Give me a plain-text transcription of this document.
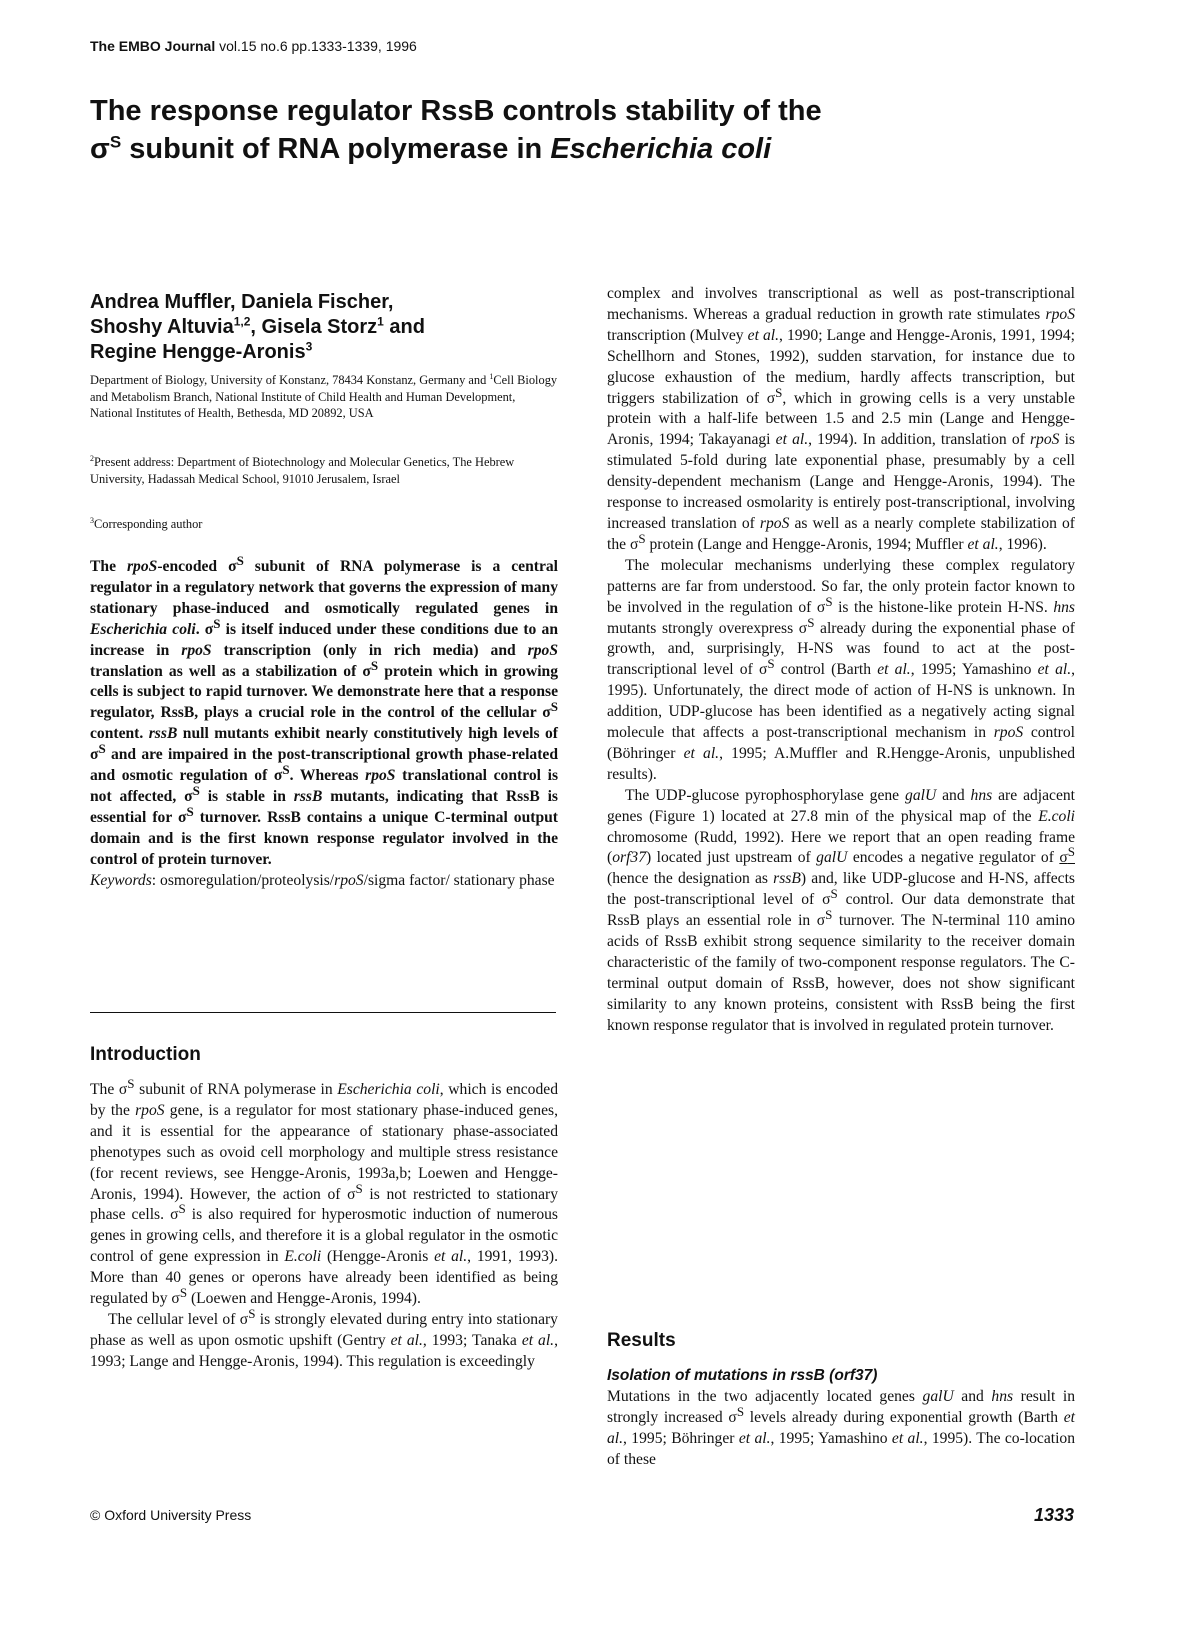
The EMBO Journal vol.15 no.6 pp.1333-1339, 1996
The response regulator RssB controls stability of the
$\sigma^S$ subunit of RNA polymerase in Escherichia coli

Andrea Muffler, Daniela Fischer,
Shoshy Altuvia$^{1,2}$, Gisela Storz$^1$ and
Regine Hengge-Aronis$^3$

Department of Biology, University of Konstanz, 78434 Konstanz, Germany and $^1$Cell Biology and Metabolism Branch, National Institute of Child Health and Human Development, National Institutes of Health, Bethesda, MD 20892, USA

$^2$Present address: Department of Biotechnology and Molecular Genetics, The Hebrew University, Hadassah Medical School, 91010 Jerusalem, Israel

$^3$Corresponding author

The rpoS-encoded $\sigma^S$ subunit of RNA polymerase is a central regulator in a regulatory network that governs the expression of many stationary phase-induced and osmotically regulated genes in Escherichia coli. $\sigma^S$ is itself induced under these conditions due to an increase in rpoS transcription (only in rich media) and rpoS translation as well as a stabilization of $\sigma^S$ protein which in growing cells is subject to rapid turnover. We demonstrate here that a response regulator, RssB, plays a crucial role in the control of the cellular $\sigma^S$ content. rssB null mutants exhibit nearly constitutively high levels of $\sigma^S$ and are impaired in the post-transcriptional growth phase-related and osmotic regulation of $\sigma^S$. Whereas rpoS translational control is not affected, $\sigma^S$ is stable in rssB mutants, indicating that RssB is essential for $\sigma^S$ turnover. RssB contains a unique C-terminal output domain and is the first known response regulator involved in the control of protein turnover.

Keywords: osmoregulation/proteolysis/rpoS/sigma factor/ stationary phase

Introduction

The $\sigma^S$ subunit of RNA polymerase in Escherichia coli, which is encoded by the rpoS gene, is a regulator for most stationary phase-induced genes, and it is essential for the appearance of stationary phase-associated phenotypes such as ovoid cell morphology and multiple stress resistance (for recent reviews, see Hengge-Aronis, 1993a,b; Loewen and Hengge-Aronis, 1994). However, the action of $\sigma^S$ is not restricted to stationary phase cells. $\sigma^S$ is also required for hyperosmotic induction of numerous genes in growing cells, and therefore it is a global regulator in the osmotic control of gene expression in E.coli (Hengge-Aronis et al., 1991, 1993). More than 40 genes or operons have already been identified as being regulated by $\sigma^S$ (Loewen and Hengge-Aronis, 1994).

The cellular level of $\sigma^S$ is strongly elevated during entry into stationary phase as well as upon osmotic upshift (Gentry et al., 1993; Tanaka et al., 1993; Lange and Hengge-Aronis, 1994). This regulation is exceedingly

complex and involves transcriptional as well as post-transcriptional mechanisms. Whereas a gradual reduction in growth rate stimulates rpoS transcription (Mulvey et al., 1990; Lange and Hengge-Aronis, 1991, 1994; Schellhorn and Stones, 1992), sudden starvation, for instance due to glucose exhaustion of the medium, hardly affects transcription, but triggers stabilization of $\sigma^S$, which in growing cells is a very unstable protein with a half-life between 1.5 and 2.5 min (Lange and Hengge-Aronis, 1994; Takayanagi et al., 1994). In addition, translation of rpoS is stimulated 5-fold during late exponential phase, presumably by a cell density-dependent mechanism (Lange and Hengge-Aronis, 1994). The response to increased osmolarity is entirely post-transcriptional, involving increased translation of rpoS as well as a nearly complete stabilization of the $\sigma^S$ protein (Lange and Hengge-Aronis, 1994; Muffler et al., 1996).

The molecular mechanisms underlying these complex regulatory patterns are far from understood. So far, the only protein factor known to be involved in the regulation of $\sigma^S$ is the histone-like protein H-NS. hns mutants strongly overexpress $\sigma^S$ already during the exponential phase of growth, and, surprisingly, H-NS was found to act at the post-transcriptional level of $\sigma^S$ control (Barth et al., 1995; Yamashino et al., 1995). Unfortunately, the direct mode of action of H-NS is unknown. In addition, UDP-glucose has been identified as a negatively acting signal molecule that affects a post-transcriptional mechanism in rpoS control (Böhringer et al., 1995; A.Muffler and R.Hengge-Aronis, unpublished results).

The UDP-glucose pyrophosphorylase gene galU and hns are adjacent genes (Figure 1) located at 27.8 min of the physical map of the E.coli chromosome (Rudd, 1992). Here we report that an open reading frame (orf37) located just upstream of galU encodes a negative regulator of $\sigma^S$ (hence the designation as rssB) and, like UDP-glucose and H-NS, affects the post-transcriptional level of $\sigma^S$ control. Our data demonstrate that RssB plays an essential role in $\sigma^S$ turnover. The N-terminal 110 amino acids of RssB exhibit strong sequence similarity to the receiver domain characteristic of the family of two-component response regulators. The C-terminal output domain of RssB, however, does not show significant similarity to any known proteins, consistent with RssB being the first known response regulator that is involved in regulated protein turnover.

Results
Isolation of mutations in rssB (orf37)

Mutations in the two adjacently located genes galU and hns result in strongly increased $\sigma^S$ levels already during exponential growth (Barth et al., 1995; Böhringer et al., 1995; Yamashino et al., 1995). The co-location of these

© Oxford University Press	1333
